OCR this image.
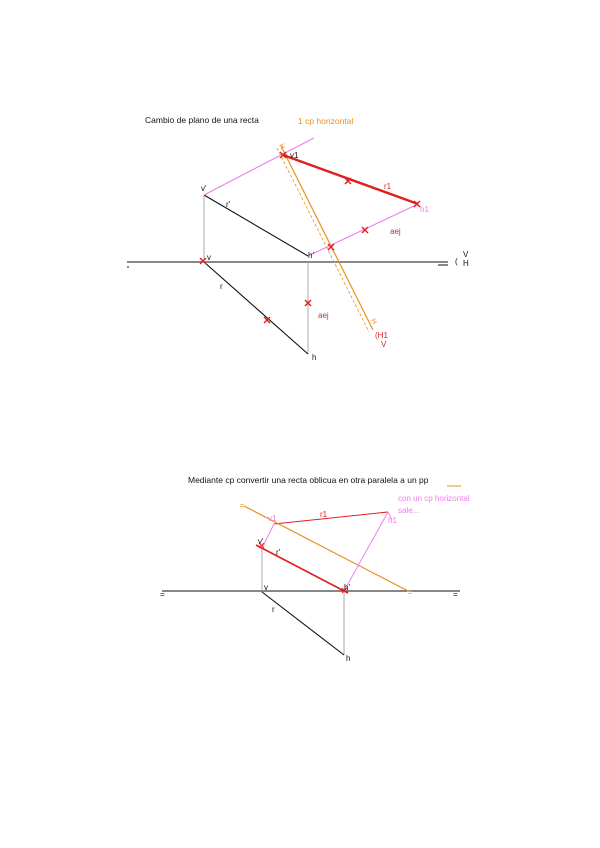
Cambio de plano de una recta	1 cp horizontal
(
V
H
v'
r'
h'
v
r
h
v1
r1
h1
aej
aej
H
H
(H1
V
Mediante cp convertir una recta oblicua en otra paralela a un pp
con un cp horizontal
sale...
=	=
=
=
v1	r1
h1
v'
r'
h'
v
r
h
